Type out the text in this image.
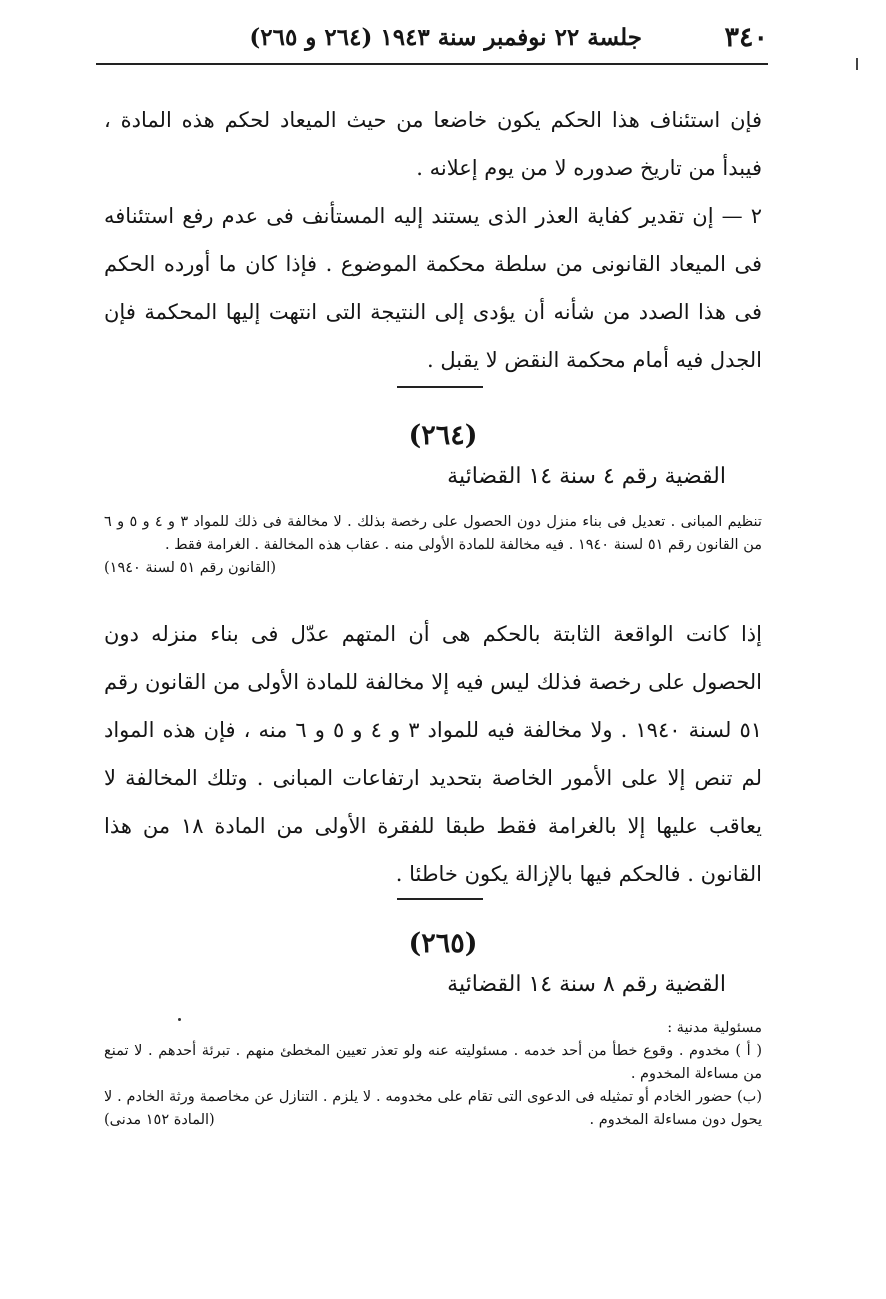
٣٤٠
جلسة ٢٢ نوفمبر سنة ١٩٤٣ (٢٦٤ و ٢٦٥)
فإن استئناف هذا الحكم يكون خاضعا من حيث الميعاد لحكم هذه المادة ، فيبدأ من تاريخ صدوره لا من يوم إعلانه .
٢ — إن تقدير كفاية العذر الذى يستند إليه المستأنف فى عدم رفع استئنافه فى الميعاد القانونى من سلطة محكمة الموضوع . فإذا كان ما أورده الحكم فى هذا الصدد من شأنه أن يؤدى إلى النتيجة التى انتهت إليها المحكمة فإن الجدل فيه أمام محكمة النقض لا يقبل .
(٢٦٤)
القضية رقم ٤ سنة ١٤ القضائية
تنظيم المبانى . تعديل فى بناء منزل دون الحصول على رخصة بذلك . لا مخالفة فى ذلك للمواد ٣ و ٤ و ٥ و ٦ من القانون رقم ٥١ لسنة ١٩٤٠ . فيه مخالفة للمادة الأولى منه . عقاب هذه المخالفة . الغرامة فقط .
(القانون رقم ٥١ لسنة ١٩٤٠)
إذا كانت الواقعة الثابتة بالحكم هى أن المتهم عدّل فى بناء منزله دون الحصول على رخصة فذلك ليس فيه إلا مخالفة للمادة الأولى من القانون رقم ٥١ لسنة ١٩٤٠ . ولا مخالفة فيه للمواد ٣ و ٤ و ٥ و ٦ منه ، فإن هذه المواد لم تنص إلا على الأمور الخاصة بتحديد ارتفاعات المبانى . وتلك المخالفة لا يعاقب عليها إلا بالغرامة فقط طبقا للفقرة الأولى من المادة ١٨ من هذا القانون . فالحكم فيها بالإزالة يكون خاطئا .
(٢٦٥)
القضية رقم ٨ سنة ١٤ القضائية
مسئولية مدنية :
( أ ) مخدوم . وقوع خطأ من أحد خدمه . مسئوليته عنه ولو تعذر تعيين المخطئ منهم . تبرئة أحدهم . لا تمنع من مساءلة المخدوم .
(ب) حضور الخادم أو تمثيله فى الدعوى التى تقام على مخدومه . لا يلزم . التنازل عن مخاصمة ورثة الخادم . لا يحول دون مساءلة المخدوم .
(المادة ١٥٢ مدنى)
